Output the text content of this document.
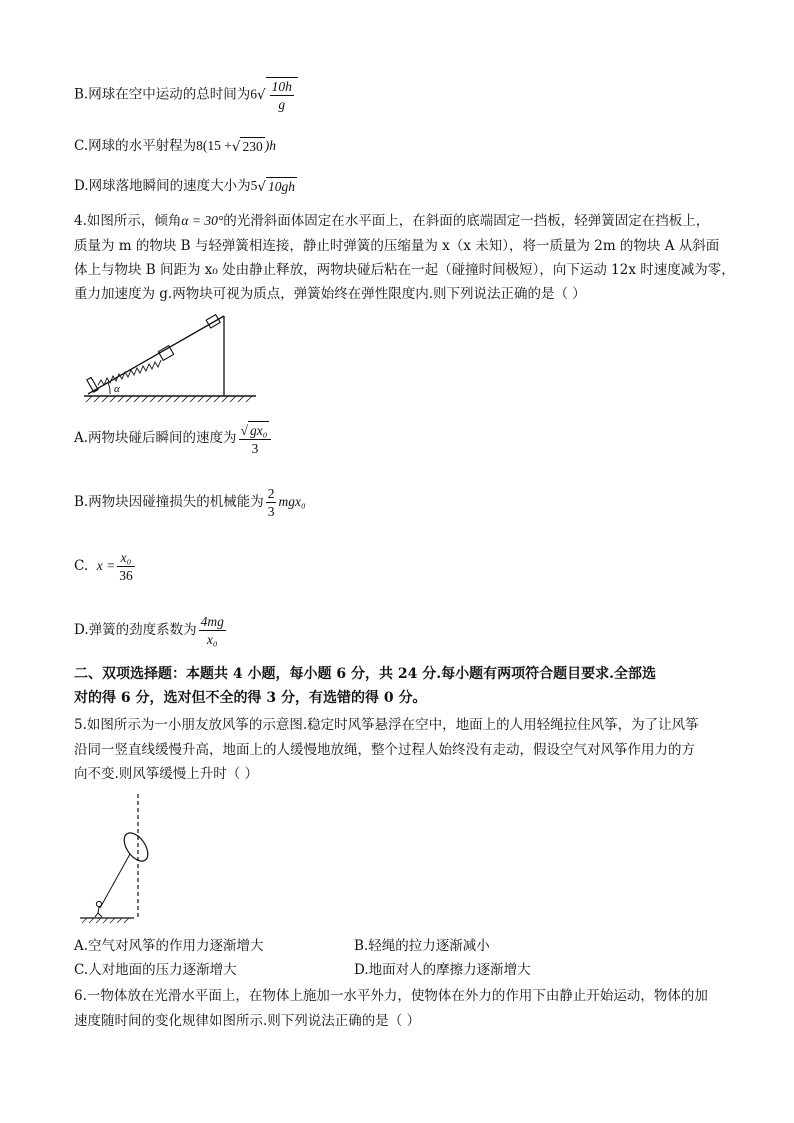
B.网球在空中运动的总时间为$6√ \frac{10h}{g}$
C.网球的水平射程为8(15 +√ 230 )h
D.网球落地瞬间的速度大小为5√ 10gh
4.如图所示，倾角α = 30°的光滑斜面体固定在水平面上，在斜面的底端固定一挡板，轻弹簧固定在挡板上，
质量为 m 的物块 B 与轻弹簧相连接，静止时弹簧的压缩量为 x（x 未知），将一质量为 2m 的物块 A 从斜面
体上与物块 B 间距为 x₀ 处由静止释放，两物块碰后粘在一起（碰撞时间极短），向下运动 12x 时速度减为零，
重力加速度为 g.两物块可视为质点，弹簧始终在弹性限度内.则下列说法正确的是（ ）
α
A.两物块碰后瞬间的速度为 $\frac{\text{√ gx₀}}{3}$
B.两物块因碰撞损失的机械能为 $\frac{2}{3} mgx_0$
C. $x = \frac{\text{x₀}}{36}$
D.弹簧的劲度系数为 $\frac{4mg}{\text{x₀}}$
二、双项选择题：本题共 4 小题，每小题 6 分，共 24 分.每小题有两项符合题目要求.全部选
对的得 6 分，选对但不全的得 3 分，有选错的得 0 分。
5.如图所示为一小朋友放风筝的示意图.稳定时风筝悬浮在空中，地面上的人用轻绳拉住风筝，为了让风筝
沿同一竖直线缓慢升高，地面上的人缓慢地放绳，整个过程人始终没有走动，假设空气对风筝作用力的方
向不变.则风筝缓慢上升时（ ）
A.空气对风筝的作用力逐渐增大	B.轻绳的拉力逐渐减小
C.人对地面的压力逐渐增大	D.地面对人的摩擦力逐渐增大
6.一物体放在光滑水平面上，在物体上施加一水平外力，使物体在外力的作用下由静止开始运动，物体的加
速度随时间的变化规律如图所示.则下列说法正确的是（ ）
